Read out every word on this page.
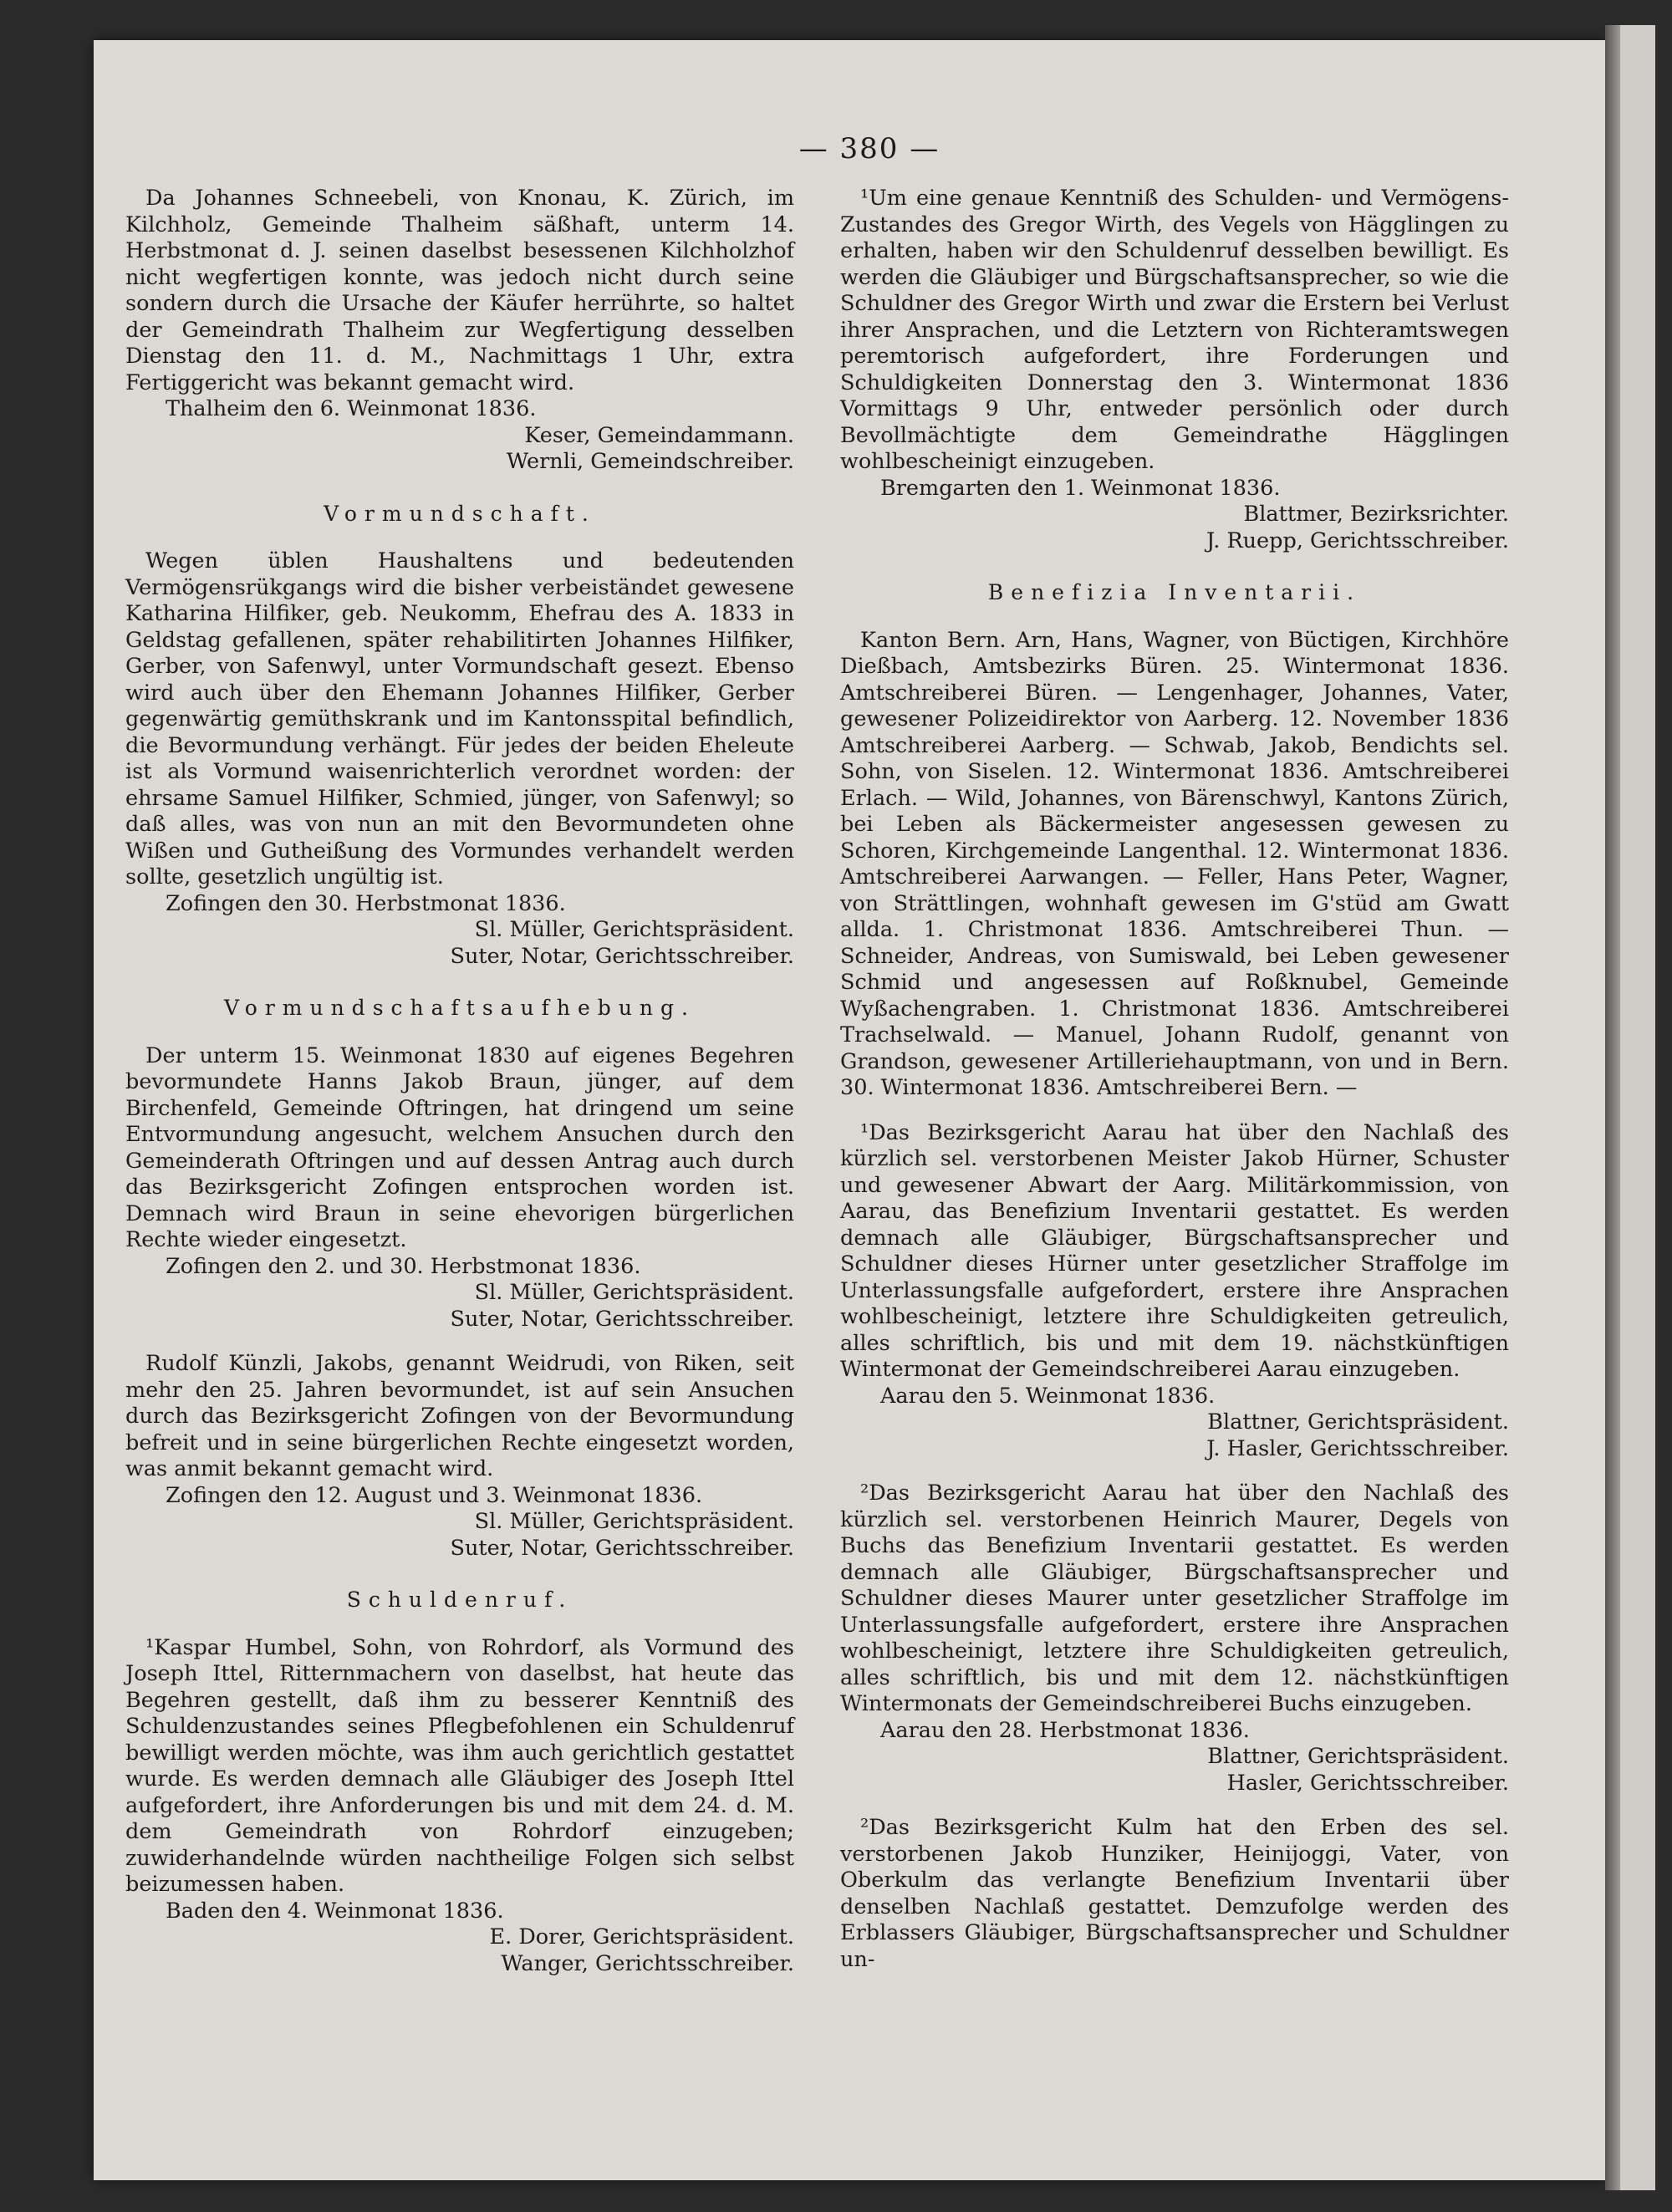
— 380 —

Da Johannes Schneebeli, von Knonau, K. Zürich, im Kilchholz, Gemeinde Thalheim säßhaft, unterm 14. Herbstmonat d. J. seinen daselbst besessenen Kilchholzhof nicht wegfertigen konnte, was jedoch nicht durch seine sondern durch die Ursache der Käufer herrührte, so haltet der Gemeindrath Thalheim zur Wegfertigung desselben Dienstag den 11. d. M., Nachmittags 1 Uhr, extra Fertiggericht was bekannt gemacht wird.

Thalheim den 6. Weinmonat 1836.

Keser, Gemeindammann.

Wernli, Gemeindschreiber.

Vormundschaft.

Wegen üblen Haushaltens und bedeutenden Vermögensrükgangs wird die bisher verbeiständet gewesene Katharina Hilfiker, geb. Neukomm, Ehefrau des A. 1833 in Geldstag gefallenen, später rehabilitirten Johannes Hilfiker, Gerber, von Safenwyl, unter Vormundschaft gesezt. Ebenso wird auch über den Ehemann Johannes Hilfiker, Gerber gegenwärtig gemüthskrank und im Kantonsspital befindlich, die Bevormundung verhängt. Für jedes der beiden Eheleute ist als Vormund waisenrichterlich verordnet worden: der ehrsame Samuel Hilfiker, Schmied, jünger, von Safenwyl; so daß alles, was von nun an mit den Bevormundeten ohne Wißen und Gutheißung des Vormundes verhandelt werden sollte, gesetzlich ungültig ist.

Zofingen den 30. Herbstmonat 1836.

Sl. Müller, Gerichtspräsident.

Suter, Notar, Gerichtsschreiber.

Vormundschaftsaufhebung.

Der unterm 15. Weinmonat 1830 auf eigenes Begehren bevormundete Hanns Jakob Braun, jünger, auf dem Birchenfeld, Gemeinde Oftringen, hat dringend um seine Entvormundung angesucht, welchem Ansuchen durch den Gemeinderath Oftringen und auf dessen Antrag auch durch das Bezirksgericht Zofingen entsprochen worden ist. Demnach wird Braun in seine ehevorigen bürgerlichen Rechte wieder eingesetzt.

Zofingen den 2. und 30. Herbstmonat 1836.

Sl. Müller, Gerichtspräsident.

Suter, Notar, Gerichtsschreiber.

Rudolf Künzli, Jakobs, genannt Weidrudi, von Riken, seit mehr den 25. Jahren bevormundet, ist auf sein Ansuchen durch das Bezirksgericht Zofingen von der Bevormundung befreit und in seine bürgerlichen Rechte eingesetzt worden, was anmit bekannt gemacht wird.

Zofingen den 12. August und 3. Weinmonat 1836.

Sl. Müller, Gerichtspräsident.

Suter, Notar, Gerichtsschreiber.

Schuldenruf.

¹Kaspar Humbel, Sohn, von Rohrdorf, als Vormund des Joseph Ittel, Ritternmachern von daselbst, hat heute das Begehren gestellt, daß ihm zu besserer Kenntniß des Schuldenzustandes seines Pflegbefohlenen ein Schuldenruf bewilligt werden möchte, was ihm auch gerichtlich gestattet wurde. Es werden demnach alle Gläubiger des Joseph Ittel aufgefordert, ihre Anforderungen bis und mit dem 24. d. M. dem Gemeindrath von Rohrdorf einzugeben; zuwiderhandelnde würden nachtheilige Folgen sich selbst beizumessen haben.

Baden den 4. Weinmonat 1836.

E. Dorer, Gerichtspräsident.

Wanger, Gerichtsschreiber.

¹Um eine genaue Kenntniß des Schulden- und Vermögens-Zustandes des Gregor Wirth, des Vegels von Hägglingen zu erhalten, haben wir den Schuldenruf desselben bewilligt. Es werden die Gläubiger und Bürgschaftsansprecher, so wie die Schuldner des Gregor Wirth und zwar die Erstern bei Verlust ihrer Ansprachen, und die Letztern von Richteramtswegen peremtorisch aufgefordert, ihre Forderungen und Schuldigkeiten Donnerstag den 3. Wintermonat 1836 Vormittags 9 Uhr, entweder persönlich oder durch Bevollmächtigte dem Gemeindrathe Hägglingen wohlbescheinigt einzugeben.

Bremgarten den 1. Weinmonat 1836.

Blattmer, Bezirksrichter.

J. Ruepp, Gerichtsschreiber.

Benefizia Inventarii.

Kanton Bern. Arn, Hans, Wagner, von Büctigen, Kirchhöre Dießbach, Amtsbezirks Büren. 25. Wintermonat 1836. Amtschreiberei Büren. — Lengenhager, Johannes, Vater, gewesener Polizeidirektor von Aarberg. 12. November 1836 Amtschreiberei Aarberg. — Schwab, Jakob, Bendichts sel. Sohn, von Siselen. 12. Wintermonat 1836. Amtschreiberei Erlach. — Wild, Johannes, von Bärenschwyl, Kantons Zürich, bei Leben als Bäckermeister angesessen gewesen zu Schoren, Kirchgemeinde Langenthal. 12. Wintermonat 1836. Amtschreiberei Aarwangen. — Feller, Hans Peter, Wagner, von Strättlingen, wohnhaft gewesen im G'stüd am Gwatt allda. 1. Christmonat 1836. Amtschreiberei Thun. — Schneider, Andreas, von Sumiswald, bei Leben gewesener Schmid und angesessen auf Roßknubel, Gemeinde Wyßachengraben. 1. Christmonat 1836. Amtschreiberei Trachselwald. — Manuel, Johann Rudolf, genannt von Grandson, gewesener Artilleriehauptmann, von und in Bern. 30. Wintermonat 1836. Amtschreiberei Bern. —

¹Das Bezirksgericht Aarau hat über den Nachlaß des kürzlich sel. verstorbenen Meister Jakob Hürner, Schuster und gewesener Abwart der Aarg. Militärkommission, von Aarau, das Benefizium Inventarii gestattet. Es werden demnach alle Gläubiger, Bürgschaftsansprecher und Schuldner dieses Hürner unter gesetzlicher Straffolge im Unterlassungsfalle aufgefordert, erstere ihre Ansprachen wohlbescheinigt, letztere ihre Schuldigkeiten getreulich, alles schriftlich, bis und mit dem 19. nächstkünftigen Wintermonat der Gemeindschreiberei Aarau einzugeben.

Aarau den 5. Weinmonat 1836.

Blattner, Gerichtspräsident.

J. Hasler, Gerichtsschreiber.

²Das Bezirksgericht Aarau hat über den Nachlaß des kürzlich sel. verstorbenen Heinrich Maurer, Degels von Buchs das Benefizium Inventarii gestattet. Es werden demnach alle Gläubiger, Bürgschaftsansprecher und Schuldner dieses Maurer unter gesetzlicher Straffolge im Unterlassungsfalle aufgefordert, erstere ihre Ansprachen wohlbescheinigt, letztere ihre Schuldigkeiten getreulich, alles schriftlich, bis und mit dem 12. nächstkünftigen Wintermonats der Gemeindschreiberei Buchs einzugeben.

Aarau den 28. Herbstmonat 1836.

Blattner, Gerichtspräsident.

Hasler, Gerichtsschreiber.

²Das Bezirksgericht Kulm hat den Erben des sel. verstorbenen Jakob Hunziker, Heinijoggi, Vater, von Oberkulm das verlangte Benefizium Inventarii über denselben Nachlaß gestattet. Demzufolge werden des Erblassers Gläubiger, Bürgschaftsansprecher und Schuldner un-
